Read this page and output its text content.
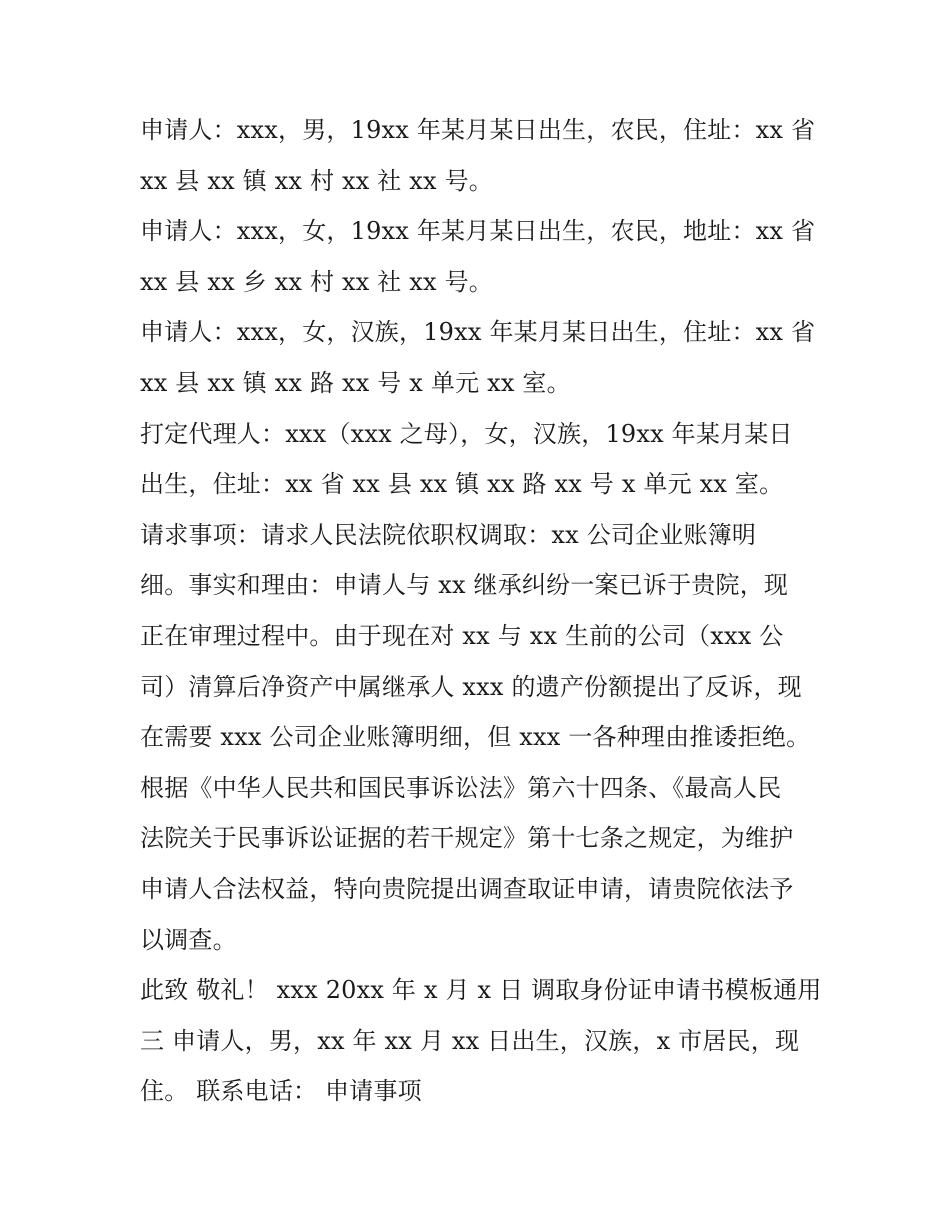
申请人：xxx，男，19xx 年某月某日出生，农民，住址：xx 省
xx 县 xx 镇 xx 村 xx 社 xx 号。
申请人：xxx，女，19xx 年某月某日出生，农民，地址：xx 省
xx 县 xx 乡 xx 村 xx 社 xx 号。
申请人：xxx，女，汉族，19xx 年某月某日出生，住址：xx 省
xx 县 xx 镇 xx 路 xx 号 x 单元 xx 室。
打定代理人：xxx（xxx 之母），女，汉族，19xx 年某月某日
出生，住址：xx 省 xx 县 xx 镇 xx 路 xx 号 x 单元 xx 室。
请求事项：请求人民法院依职权调取：xx 公司企业账簿明
细。事实和理由：申请人与 xx 继承纠纷一案已诉于贵院，现
正在审理过程中。由于现在对 xx 与 xx 生前的公司（xxx 公
司）清算后净资产中属继承人 xxx 的遗产份额提出了反诉，现
在需要 xxx 公司企业账簿明细，但 xxx 一各种理由推诿拒绝。
根据《中华人民共和国民事诉讼法》第六十四条、《最高人民
法院关于民事诉讼证据的若干规定》第十七条之规定，为维护
申请人合法权益，特向贵院提出调查取证申请，请贵院依法予
以调查。
此致 敬礼！ xxx 20xx 年 x 月 x 日 调取身份证申请书模板通用
三 申请人，男，xx 年 xx 月 xx 日出生，汉族，x 市居民，现
住。 联系电话： 申请事项
